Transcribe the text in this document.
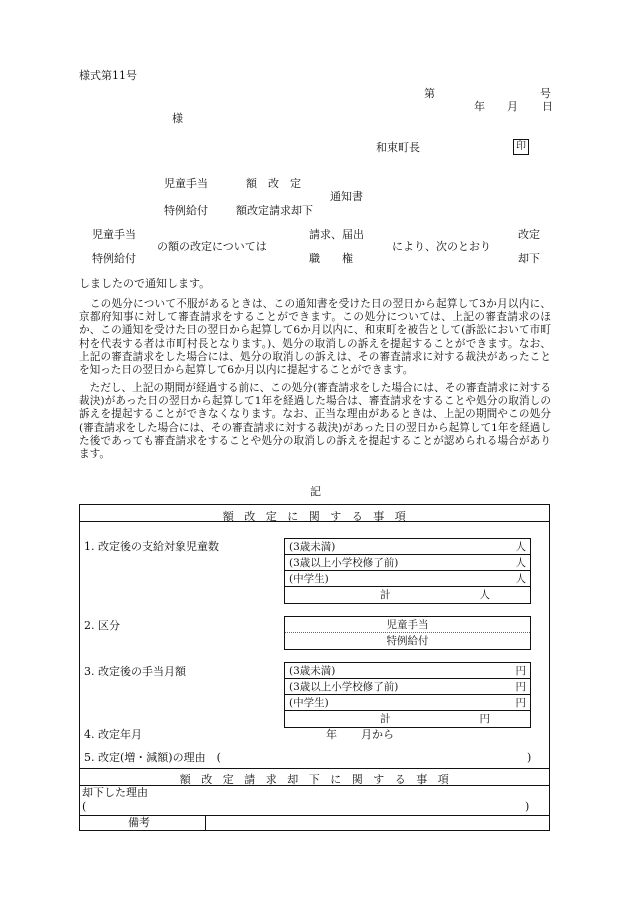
様式第11号
第	号
年 月 日
様
和束町長	印
児童手当	額　改　定
通知書
特例給付	額改定請求却下
児童手当
特例給付
の額の改定については
請求、届出
職　　権
により、次のとおり
改定
却下
しましたので通知します。
　この処分について不服があるときは、この通知書を受けた日の翌日から起算して3か月以内に、京都府知事に対して審査請求をすることができます。この処分については、上記の審査請求のほか、この通知を受けた日の翌日から起算して6か月以内に、和束町を被告として(訴訟において市町村を代表する者は市町村長となります。)、処分の取消しの訴えを提起することができます。なお、上記の審査請求をした場合には、処分の取消しの訴えは、その審査請求に対する裁決があったことを知った日の翌日から起算して6か月以内に提起することができます。
　ただし、上記の期間が経過する前に、この処分(審査請求をした場合には、その審査請求に対する裁決)があった日の翌日から起算して1年を経過した場合は、審査請求をすることや処分の取消しの訴えを提起することができなくなります。なお、正当な理由があるときは、上記の期間やこの処分(審査請求をした場合には、その審査請求に対する裁決)があった日の翌日から起算して1年を経過した後であっても審査請求をすることや処分の取消しの訴えを提起することが認められる場合があります。
記
額改定に関する事項
1. 改定後の支給対象児童数	(3歳未満)	人
(3歳以上小学校修了前)	人
(中学生)	人
計	人
2. 区分	児童手当
特例給付
3. 改定後の手当月額	(3歳未満)	円
(3歳以上小学校修了前)	円
(中学生)	円
計	円
4. 改定年月	年 月から
5. 改定(増・減額)の理由　(	)
額改定請求却下に関する事項
却下した理由
(	)
備考
